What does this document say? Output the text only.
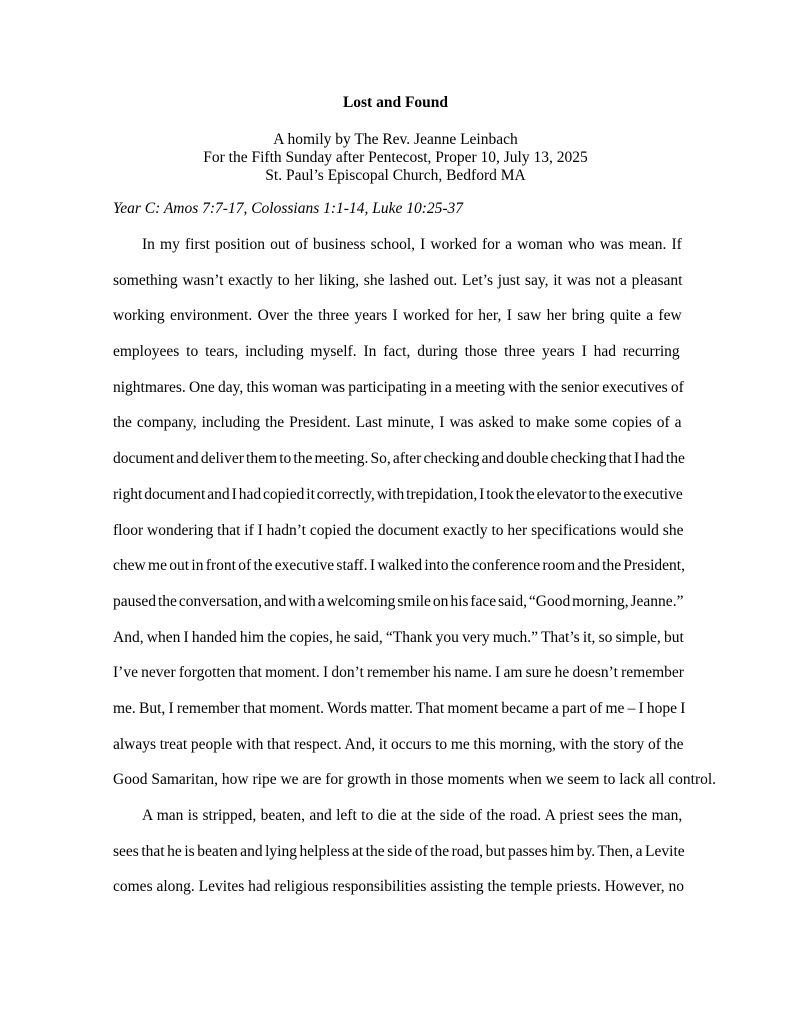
Lost and Found
A homily by The Rev. Jeanne Leinbach
For the Fifth Sunday after Pentecost, Proper 10, July 13, 2025
St. Paul’s Episcopal Church, Bedford MA
Year C: Amos 7:7-17, Colossians 1:1-14, Luke 10:25-37
In my first position out of business school, I worked for a woman who was mean. If
something wasn’t exactly to her liking, she lashed out. Let’s just say, it was not a pleasant
working environment. Over the three years I worked for her, I saw her bring quite a few
employees to tears, including myself. In fact, during those three years I had recurring
nightmares. One day, this woman was participating in a meeting with the senior executives of
the company, including the President. Last minute, I was asked to make some copies of a
document and deliver them to the meeting. So, after checking and double checking that I had the
right document and I had copied it correctly, with trepidation, I took the elevator to the executive
floor wondering that if I hadn’t copied the document exactly to her specifications would she
chew me out in front of the executive staff. I walked into the conference room and the President,
paused the conversation, and with a welcoming smile on his face said, “Good morning, Jeanne.”
And, when I handed him the copies, he said, “Thank you very much.” That’s it, so simple, but
I’ve never forgotten that moment. I don’t remember his name. I am sure he doesn’t remember
me. But, I remember that moment. Words matter. That moment became a part of me – I hope I
always treat people with that respect. And, it occurs to me this morning, with the story of the
Good Samaritan, how ripe we are for growth in those moments when we seem to lack all control.
A man is stripped, beaten, and left to die at the side of the road. A priest sees the man,
sees that he is beaten and lying helpless at the side of the road, but passes him by. Then, a Levite
comes along. Levites had religious responsibilities assisting the temple priests. However, no
